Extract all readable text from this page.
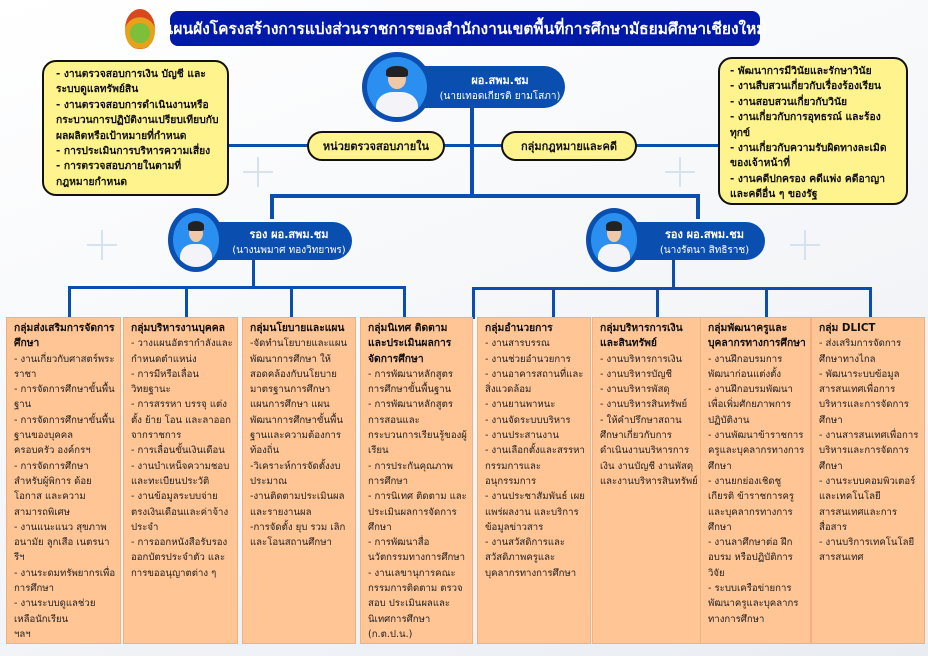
แผนผังโครงสร้างการแบ่งส่วนราชการของสำนักงานเขตพื้นที่การศึกษามัธยมศึกษาเชียงใหม่
ผอ.สพม.ชม
(นายเทอดเกียรติ ยามโสภา)
- งานตรวจสอบการเงิน บัญชี และระบบดูแลทรัพย์สิน
- งานตรวจสอบการดำเนินงานหรือกระบวนการปฏิบัติงานเปรียบเทียบกับผลผลิตหรือเป้าหมายที่กำหนด
- การประเมินการบริหารความเสี่ยง
- การตรวจสอบภายในตามที่กฎหมายกำหนด
หน่วยตรวจสอบภายใน	กลุ่มกฎหมายและคดี
- พัฒนาการมีวินัยและรักษาวินัย
- งานสืบสวนเกี่ยวกับเรื่องร้องเรียน
- งานสอบสวนเกี่ยวกับวินัย
- งานเกี่ยวกับการอุทธรณ์ และร้องทุกข์
- งานเกี่ยวกับความรับผิดทางละเมิดของเจ้าหน้าที่
- งานคดีปกครอง คดีแพ่ง คดีอาญา และคดีอื่น ๆ ของรัฐ
รอง ผอ.สพม.ชม
(นางนพมาศ ทองวิทยาพร)
รอง ผอ.สพม.ชม
(นางรัตนา สิทธิราช)
กลุ่มส่งเสริมการจัดการศึกษา
- งานเกี่ยวกับศาสตร์พระราชา
- การจัดการศึกษาขั้นพื้นฐาน
- การจัดการศึกษาขั้นพื้นฐานของบุคคล ครอบครัว องค์กรฯ
- การจัดการศึกษาสำหรับผู้พิการ ด้อยโอกาส และความสามารถพิเศษ
- งานแนะแนว สุขภาพอนามัย ลูกเสือ เนตรนารีฯ
- งานระดมทรัพยากรเพื่อการศึกษา
- งานระบบดูแลช่วยเหลือนักเรียน
ฯลฯ
กลุ่มบริหารงานบุคคล
- วางแผนอัตรากำลังและกำหนดตำแหน่ง
- การมีหรือเลื่อนวิทยฐานะ
- การสรรหา บรรจุ แต่งตั้ง ย้าย โอน และลาออกจากราชการ
- การเลื่อนขั้นเงินเดือน
- งานบำเหน็จความชอบและทะเบียนประวัติ
- งานข้อมูลระบบจ่ายตรงเงินเดือนและค่าจ้างประจำ
- การออกหนังสือรับรอง ออกบัตรประจำตัว และการขออนุญาตต่าง ๆ
กลุ่มนโยบายและแผน
-จัดทำนโยบายและแผนพัฒนาการศึกษา ให้สอดคล้องกับนโยบาย มาตรฐานการศึกษา แผนการศึกษา แผนพัฒนาการศึกษาขั้นพื้นฐานและความต้องการท้องถิ่น
-วิเคราะห์การจัดตั้งงบประมาณ
-งานติดตามประเมินผลและรายงานผล
-การจัดตั้ง ยุบ รวม เลิก และโอนสถานศึกษา
กลุ่มนิเทศ ติดตาม และประเมินผลการจัดการศึกษา
- การพัฒนาหลักสูตรการศึกษาขั้นพื้นฐาน
- การพัฒนาหลักสูตรการสอนและกระบวนการเรียนรู้ของผู้เรียน
- การประกันคุณภาพการศึกษา
- การนิเทศ ติดตาม และประเมินผลการจัดการศึกษา
- การพัฒนาสื่อนวัตกรรมทางการศึกษา
- งานเลขานุการคณะกรรมการติดตาม ตรวจสอบ ประเมินผลและนิเทศการศึกษา
(ก.ต.ป.น.)
กลุ่มอำนวยการ
- งานสารบรรณ
- งานช่วยอำนวยการ
- งานอาคารสถานที่และสิ่งแวดล้อม
- งานยานพาหนะ
- งานจัดระบบบริหาร
- งานประสานงาน
- งานเลือกตั้งและสรรหากรรมการและอนุกรรมการ
- งานประชาสัมพันธ์ เผยแพร่ผลงาน และบริการข้อมูลข่าวสาร
- งานสวัสดิการและสวัสดิภาพครูและบุคลากรทางการศึกษา
กลุ่มบริหารการเงินและสินทรัพย์
- งานบริหารการเงิน
- งานบริหารบัญชี
- งานบริหารพัสดุ
- งานบริหารสินทรัพย์
- ให้คำปรึกษาสถานศึกษาเกี่ยวกับการดำเนินงานบริหารการเงิน งานบัญชี งานพัสดุ และงานบริหารสินทรัพย์
กลุ่มพัฒนาครูและบุคลากรทางการศึกษา
- งานฝึกอบรมการพัฒนาก่อนแต่งตั้ง
- งานฝึกอบรมพัฒนาเพื่อเพิ่มศักยภาพการปฏิบัติงาน
- งานพัฒนาข้าราชการครูและบุคลากรทางการศึกษา
- งานยกย่องเชิดชูเกียรติ ข้าราชการครูและบุคลากรทางการศึกษา
- งานลาศึกษาต่อ ฝึกอบรม หรือปฏิบัติการวิจัย
- ระบบเครือข่ายการพัฒนาครูและบุคลากรทางการศึกษา
กลุ่ม DLICT
- ส่งเสริมการจัดการศึกษาทางไกล
- พัฒนาระบบข้อมูลสารสนเทศเพื่อการบริหารและการจัดการศึกษา
- งานสารสนเทศเพื่อการบริหารและการจัดการศึกษา
- งานระบบคอมพิวเตอร์และเทคโนโลยีสารสนเทศและการสื่อสาร
- งานบริการเทคโนโลยีสารสนเทศ
